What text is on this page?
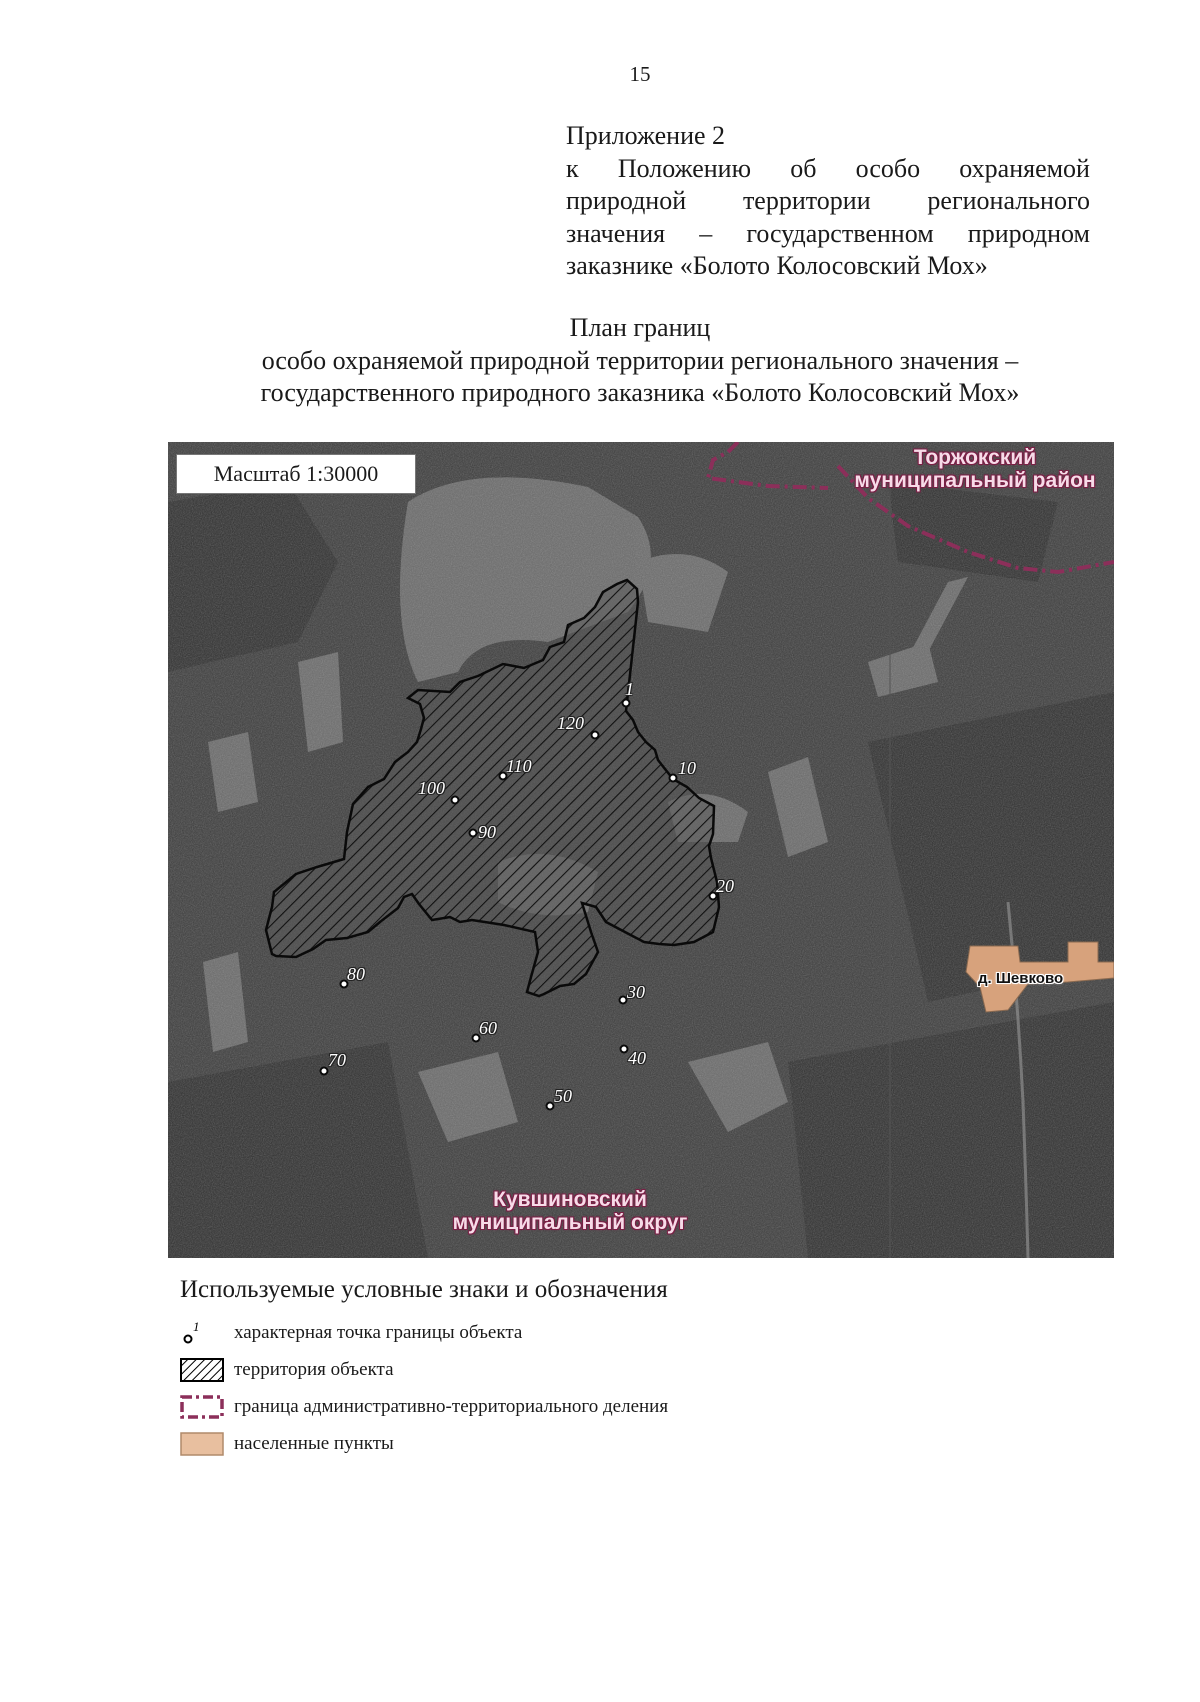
15
Приложение 2
к Положению об особо охраняемой
природной территории регионального
значения – государственном природном
заказнике «Болото Колосовский Мох»
План границ
особо охраняемой природной территории регионального значения –
государственного природного заказника «Болото Колосовский Мох»
Масштаб 1:30000
Торжокский
муниципальный район
Кувшиновский
муниципальный округ
д. Шевково
1
120
110
100
90
10
20
30
40
50
60
70
80
Используемые условные знаки и обозначения
1 характерная точка границы объекта
территория объекта
граница административно-территориального деления
населенные пункты
